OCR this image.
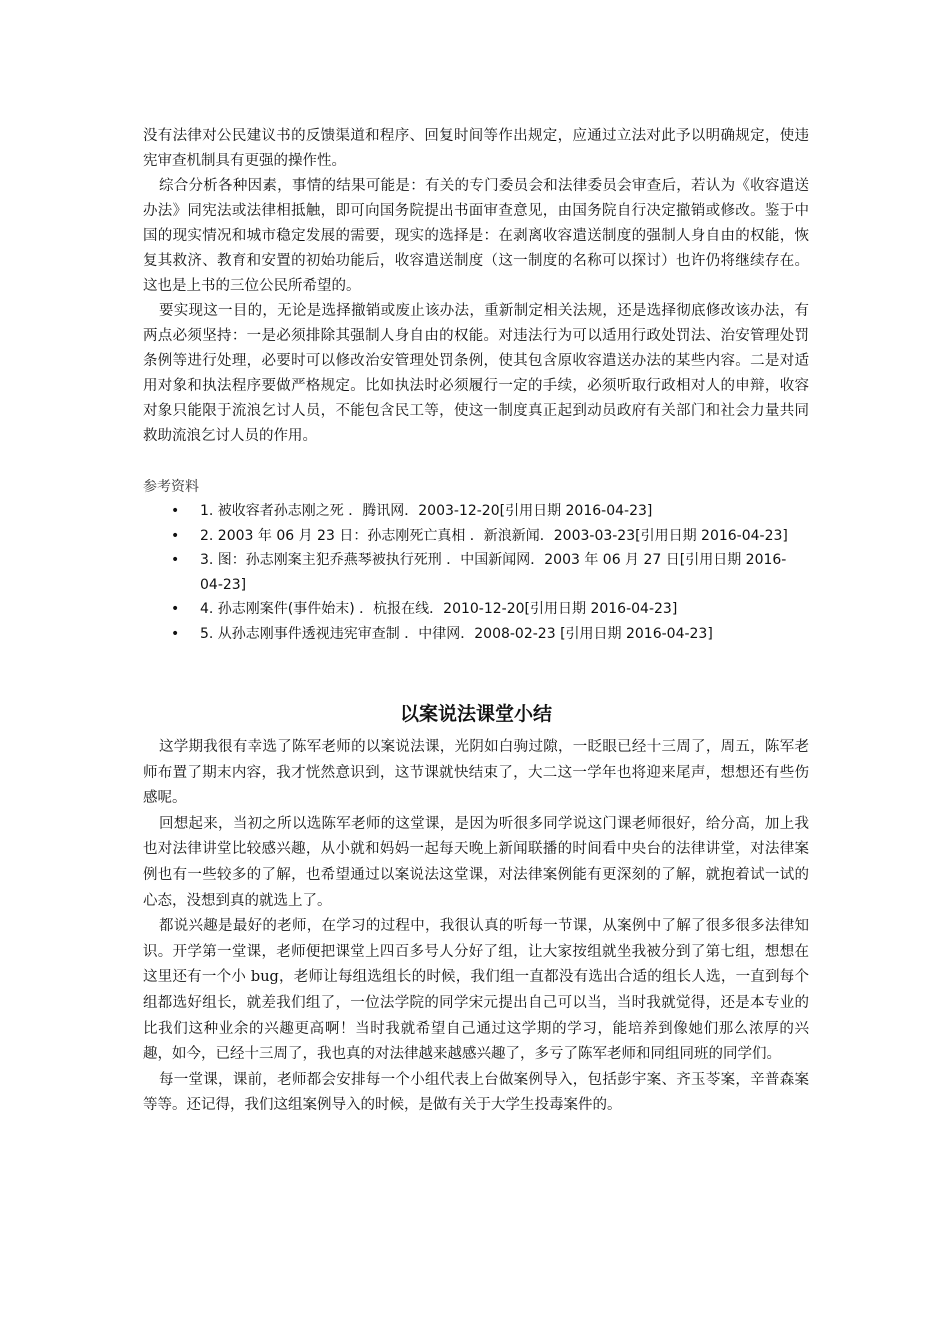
没有法律对公民建议书的反馈渠道和程序、回复时间等作出规定，应通过立法对此予以明确规定，使违宪审查机制具有更强的操作性。

综合分析各种因素，事情的结果可能是：有关的专门委员会和法律委员会审查后，若认为《收容遣送办法》同宪法或法律相抵触，即可向国务院提出书面审查意见，由国务院自行决定撤销或修改。鉴于中国的现实情况和城市稳定发展的需要，现实的选择是：在剥离收容遣送制度的强制人身自由的权能，恢复其救济、教育和安置的初始功能后，收容遣送制度（这一制度的名称可以探讨）也许仍将继续存在。这也是上书的三位公民所希望的。

要实现这一目的，无论是选择撤销或废止该办法，重新制定相关法规，还是选择彻底修改该办法，有两点必须坚持：一是必须排除其强制人身自由的权能。对违法行为可以适用行政处罚法、治安管理处罚条例等进行处理，必要时可以修改治安管理处罚条例，使其包含原收容遣送办法的某些内容。二是对适用对象和执法程序要做严格规定。比如执法时必须履行一定的手续，必须听取行政相对人的申辩，收容对象只能限于流浪乞讨人员，不能包含民工等，使这一制度真正起到动员政府有关部门和社会力量共同救助流浪乞讨人员的作用。

参考资料
• 1. 被收容者孙志刚之死 ．腾讯网．2003-12-20[引用日期 2016-04-23]
• 2. 2003 年 06 月 23 日：孙志刚死亡真相 ．新浪新闻．2003-03-23[引用日期 2016-04-23]
• 3. 图：孙志刚案主犯乔燕琴被执行死刑 ．中国新闻网．2003 年 06 月 27 日[引用日期 2016-04-23]
• 4. 孙志刚案件(事件始末) ．杭报在线．2010-12-20[引用日期 2016-04-23]
• 5. 从孙志刚事件透视违宪审查制 ．中律网．2008-02-23 [引用日期 2016-04-23]
以案说法课堂小结

这学期我很有幸选了陈军老师的以案说法课，光阴如白驹过隙，一眨眼已经十三周了，周五，陈军老师布置了期末内容，我才恍然意识到，这节课就快结束了，大二这一学年也将迎来尾声，想想还有些伤感呢。

回想起来，当初之所以选陈军老师的这堂课，是因为听很多同学说这门课老师很好，给分高，加上我也对法律讲堂比较感兴趣，从小就和妈妈一起每天晚上新闻联播的时间看中央台的法律讲堂，对法律案例也有一些较多的了解，也希望通过以案说法这堂课，对法律案例能有更深刻的了解，就抱着试一试的心态，没想到真的就选上了。

都说兴趣是最好的老师，在学习的过程中，我很认真的听每一节课，从案例中了解了很多很多法律知识。开学第一堂课，老师便把课堂上四百多号人分好了组，让大家按组就坐我被分到了第七组，想想在这里还有一个小 bug，老师让每组选组长的时候，我们组一直都没有选出合适的组长人选，一直到每个组都选好组长，就差我们组了，一位法学院的同学宋元提出自己可以当，当时我就觉得，还是本专业的比我们这种业余的兴趣更高啊！当时我就希望自己通过这学期的学习，能培养到像她们那么浓厚的兴趣，如今，已经十三周了，我也真的对法律越来越感兴趣了，多亏了陈军老师和同组同班的同学们。

每一堂课，课前，老师都会安排每一个小组代表上台做案例导入，包括彭宇案、齐玉苓案，辛普森案等等。还记得，我们这组案例导入的时候，是做有关于大学生投毒案件的。
